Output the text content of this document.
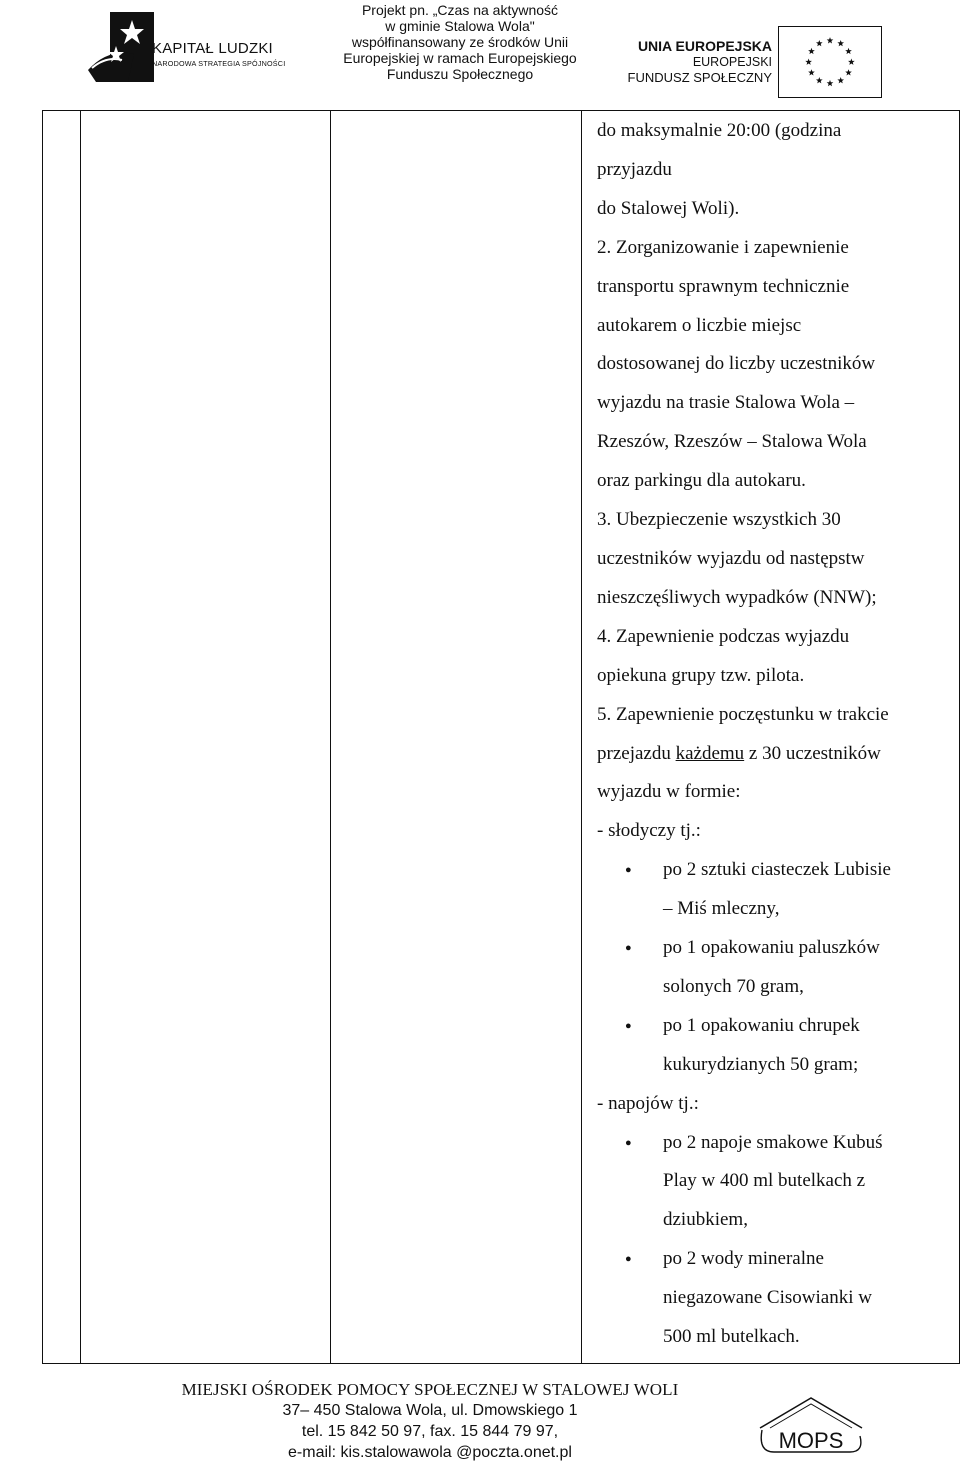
KAPITAŁ LUDZKI
NARODOWA STRATEGIA SPÓJNOŚCI
Projekt pn. „Czas na aktywność
w gminie Stalowa Wola"
współfinansowany ze środków Unii
Europejskiej w ramach Europejskiego
Funduszu Społecznego
UNIA EUROPEJSKA
EUROPEJSKI
FUNDUSZ SPOŁECZNY

do maksymalnie 20:00 (godzina

przyjazdu

do Stalowej Woli).

2. Zorganizowanie i zapewnienie

transportu sprawnym technicznie

autokarem o liczbie miejsc

dostosowanej do liczby uczestników

wyjazdu na trasie Stalowa Wola –

Rzeszów, Rzeszów – Stalowa Wola

oraz parkingu dla autokaru.

3. Ubezpieczenie wszystkich 30

uczestników wyjazdu od następstw

nieszczęśliwych wypadków (NNW);

4. Zapewnienie podczas wyjazdu

opiekuna grupy tzw. pilota.

5. Zapewnienie poczęstunku w trakcie

przejazdu każdemu z 30 uczestników

wyjazdu w formie:

- słodyczy tj.:

● po 2 sztuki ciasteczek Lubisie
– Miś mleczny,
● po 1 opakowaniu paluszków
solonych 70 gram,
● po 1 opakowaniu chrupek
kukurydzianych 50 gram;

- napojów tj.:

● po 2 napoje smakowe Kubuś
Play w 400 ml butelkach z
dziubkiem,
● po 2 wody mineralne
niegazowane Cisowianki w
500 ml butelkach.
MIEJSKI OŚRODEK POMOCY SPOŁECZNEJ W STALOWEJ WOLI
37– 450 Stalowa Wola, ul. Dmowskiego 1
tel. 15 842 50 97, fax. 15 844 79 97,
e-mail: kis.stalowawola @poczta.onet.pl	MOPS
